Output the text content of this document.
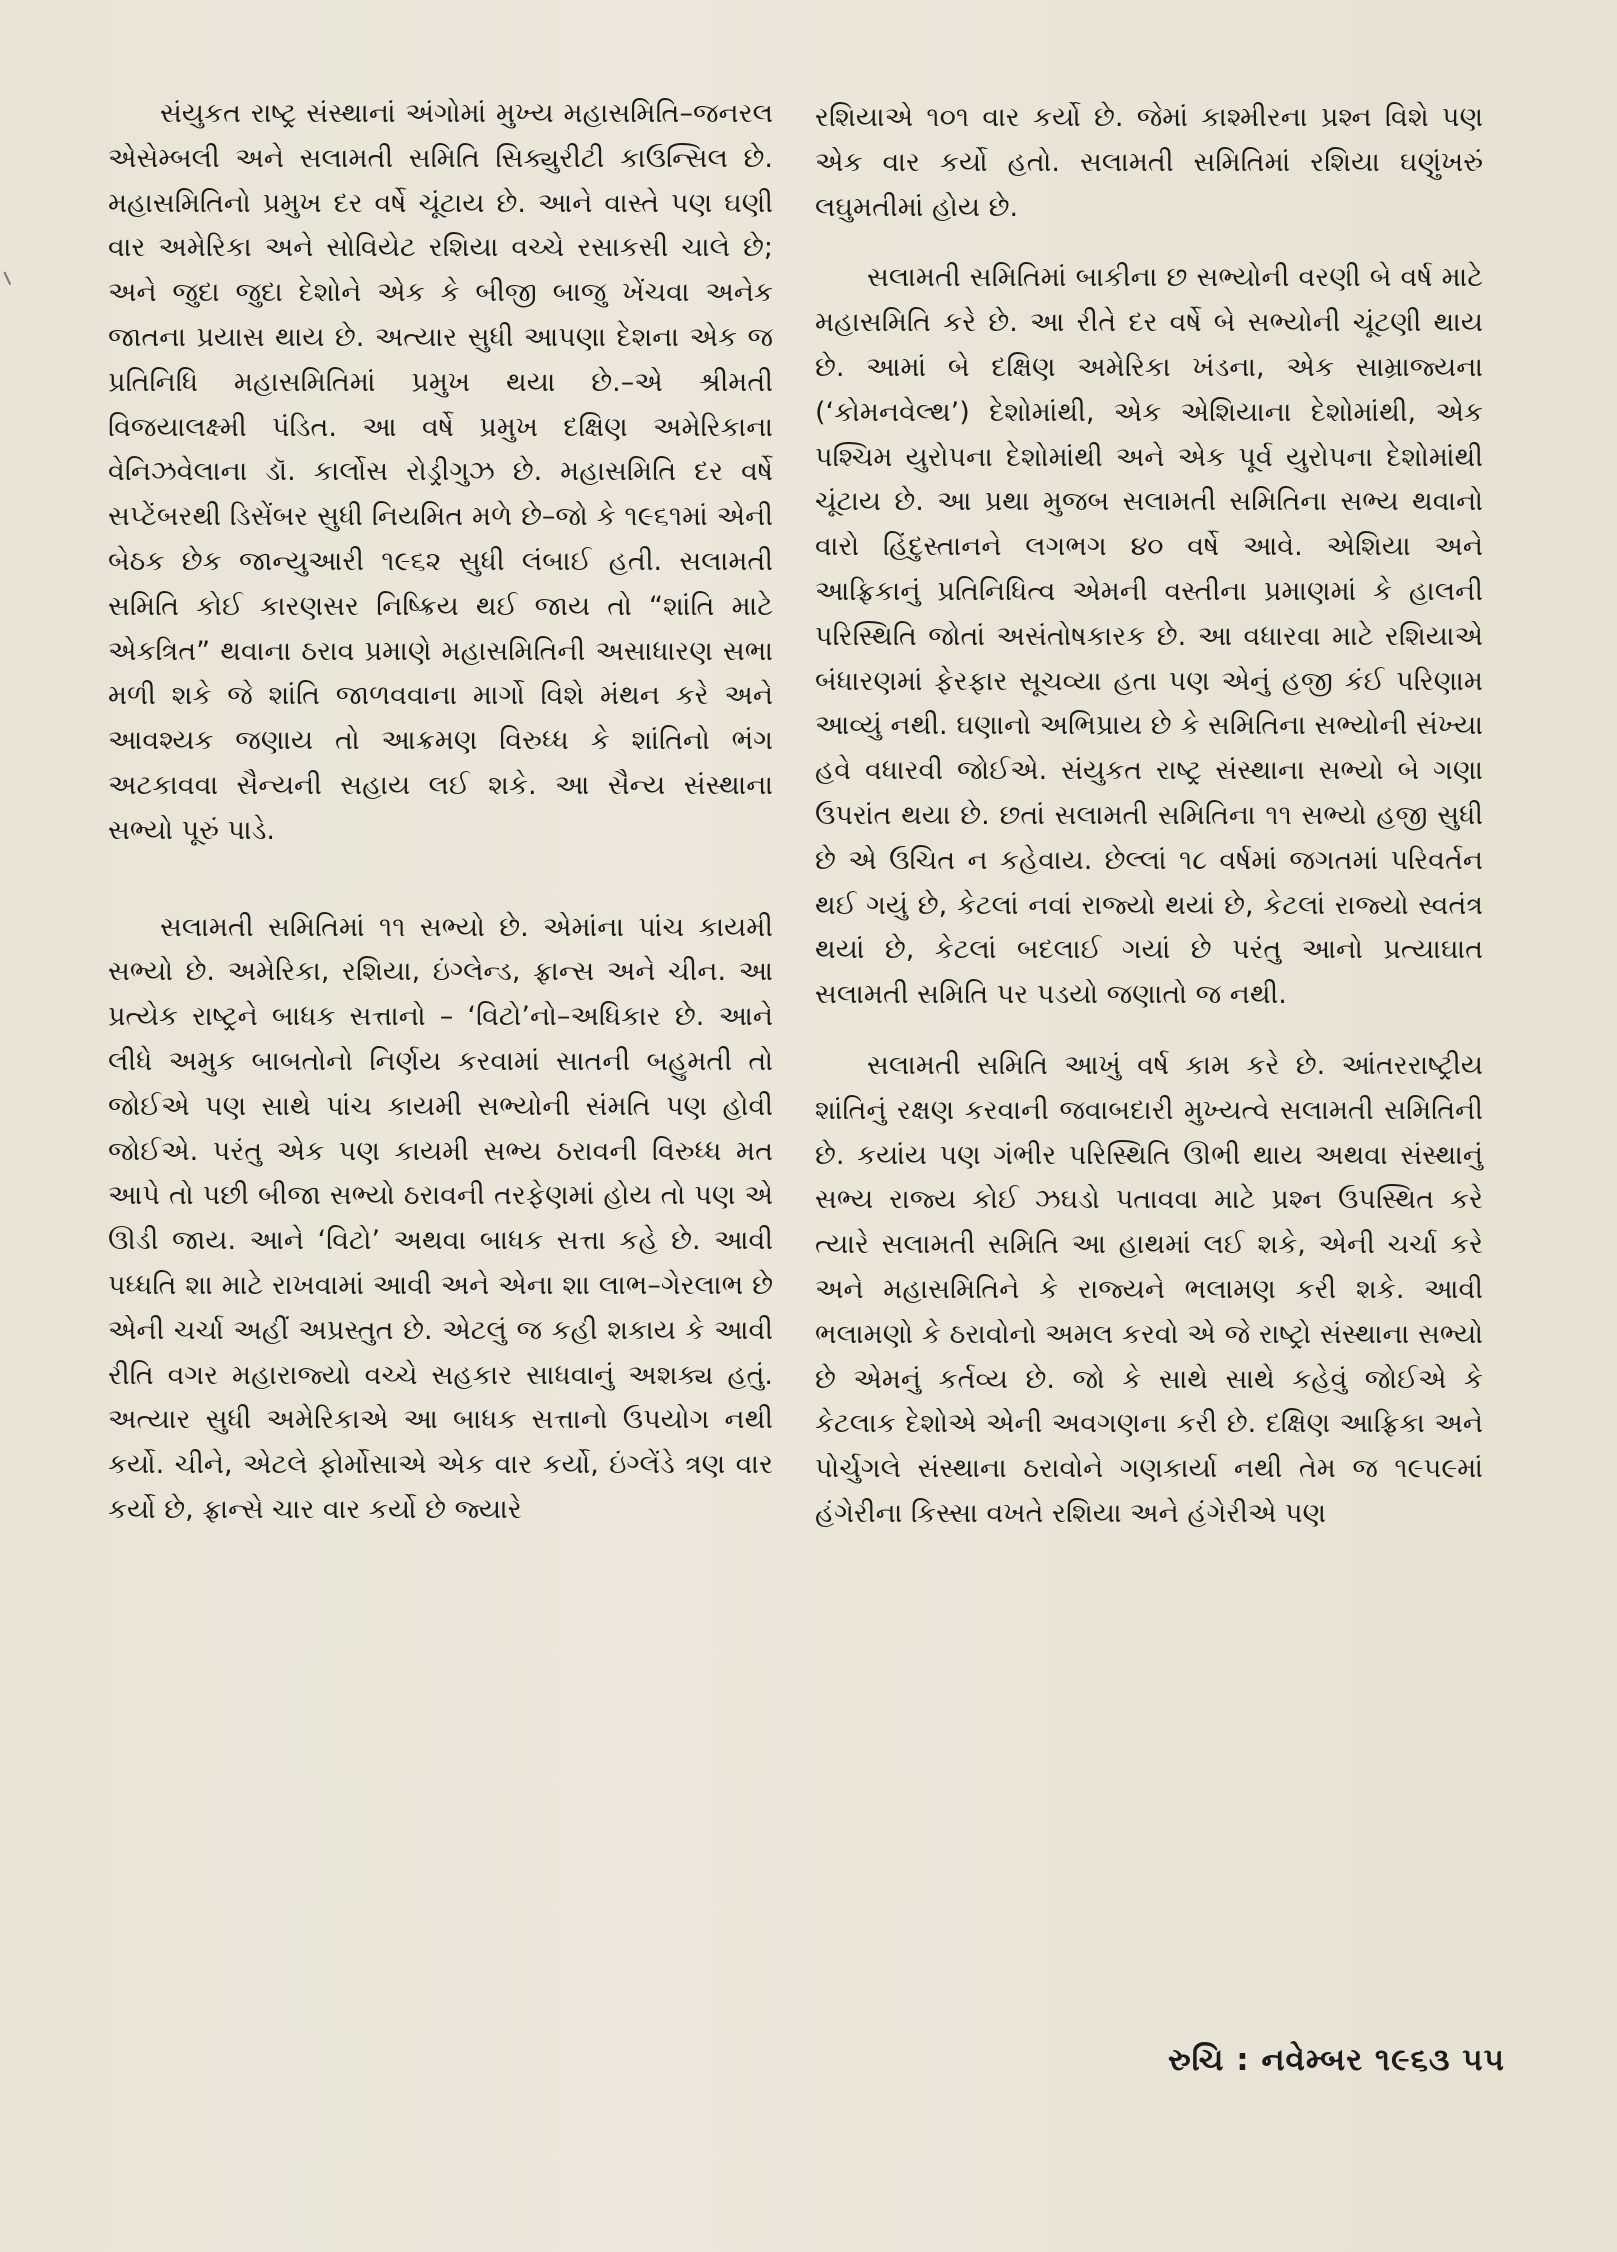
સંયુકત રાષ્ટ્ર સંસ્થાનાં અંગોમાં મુખ્ય મહાસમિતિ–જનરલ એસેમ્બલી અને સલામતી સમિતિ સિક્યુરીટી કાઉન્સિલ છે. મહાસમિતિનો પ્રમુખ દર વર્ષે ચૂંટાય છે. આને વાસ્તે પણ ઘણી વાર અમેરિકા અને સોવિયેટ રશિયા વચ્ચે રસાકસી ચાલે છે; અને જુદા જુદા દેશોને એક કે બીજી બાજુ ખેંચવા અનેક જાતના પ્રયાસ થાય છે. અત્યાર સુધી આપણા દેશના એક જ પ્રતિનિધિ મહાસમિતિમાં પ્રમુખ થયા છે.–એ શ્રીમતી વિજયાલક્ષ્મી પંડિત. આ વર્ષે પ્રમુખ દક્ષિણ અમેરિકાના વેનિઝવેલાના ડૉ. કાર્લોસ રોડ્રીગુઝ છે. મહાસમિતિ દર વર્ષે સપ્ટેંબરથી ડિસેંબર સુધી નિયમિત મળે છે–જો કે ૧૯૬૧માં એની બેઠક છેક જાન્યુઆરી ૧૯૬૨ સુધી લંબાઈ હતી. સલામતી સમિતિ કોઈ કારણસર નિષ્ક્રિય થઈ જાય તો “શાંતિ માટે એકત્રિત” થવાના ઠરાવ પ્રમાણે મહાસમિતિની અસાધારણ સભા મળી શકે જે શાંતિ જાળવવાના માર્ગો વિશે મંથન કરે અને આવશ્યક જણાય તો આક્રમણ વિરુધ્ધ કે શાંતિનો ભંગ અટકાવવા સૈન્યની સહાય લઈ શકે. આ સૈન્ય સંસ્થાના સભ્યો પૂરું પાડે.

સલામતી સમિતિમાં ૧૧ સભ્યો છે. એમાંના પાંચ કાયમી સભ્યો છે. અમેરિકા, રશિયા, ઇંગ્લેન્ડ, ફ્રાન્સ અને ચીન. આ પ્રત્યેક રાષ્ટ્રને બાધક સત્તાનો – ‘વિટો’નો–અધિકાર છે. આને લીધે અમુક બાબતોનો નિર્ણય કરવામાં સાતની બહુમતી તો જોઈએ પણ સાથે પાંચ કાયમી સભ્યોની સંમતિ પણ હોવી જોઈએ. પરંતુ એક પણ કાયમી સભ્ય ઠરાવની વિરુધ્ધ મત આપે તો પછી બીજા સભ્યો ઠરાવની તરફેણમાં હોય તો પણ એ ઊડી જાય. આને ‘વિટો’ અથવા બાધક સત્તા કહે છે. આવી પધ્ધતિ શા માટે રાખવામાં આવી અને એના શા લાભ–ગેરલાભ છે એની ચર્ચા અહીં અપ્રસ્તુત છે. એટલું જ કહી શકાય કે આવી રીતિ વગર મહારાજ્યો વચ્ચે સહકાર સાધવાનું અશક્ય હતું. અત્યાર સુધી અમેરિકાએ આ બાધક સત્તાનો ઉપયોગ નથી કર્યો. ચીને, એટલે ફોર્મોસાએ એક વાર કર્યો, ઇંગ્લેંડે ત્રણ વાર કર્યો છે, ફ્રાન્સે ચાર વાર કર્યો છે જ્યારે

રશિયાએ ૧૦૧ વાર કર્યો છે. જેમાં કાશ્મીરના પ્રશ્ન વિશે પણ એક વાર કર્યો હતો. સલામતી સમિતિમાં રશિયા ઘણુંખરું લઘુમતીમાં હોય છે.

સલામતી સમિતિમાં બાકીના છ સભ્યોની વરણી બે વર્ષ માટે મહાસમિતિ કરે છે. આ રીતે દર વર્ષે બે સભ્યોની ચૂંટણી થાય છે. આમાં બે દક્ષિણ અમેરિકા ખંડના, એક સામ્રાજ્યના (‘કોમનવેલ્થ’) દેશોમાંથી, એક એશિયાના દેશોમાંથી, એક પશ્ચિમ યુરોપના દેશોમાંથી અને એક પૂર્વ યુરોપના દેશોમાંથી ચૂંટાય છે. આ પ્રથા મુજબ સલામતી સમિતિના સભ્ય થવાનો વારો હિંદુસ્તાનને લગભગ ૪૦ વર્ષે આવે. એશિયા અને આફ્રિકાનું પ્રતિનિધિત્વ એમની વસ્તીના પ્રમાણમાં કે હાલની પરિસ્થિતિ જોતાં અસંતોષકારક છે. આ વધારવા માટે રશિયાએ બંધારણમાં ફેરફાર સૂચવ્યા હતા પણ એનું હજી કંઈ પરિણામ આવ્યું નથી. ઘણાનો અભિપ્રાય છે કે સમિતિના સભ્યોની સંખ્યા હવે વધારવી જોઈએ. સંયુકત રાષ્ટ્ર સંસ્થાના સભ્યો બે ગણા ઉપરાંત થયા છે. છતાં સલામતી સમિતિના ૧૧ સભ્યો હજી સુધી છે એ ઉચિત ન કહેવાય. છેલ્લાં ૧૮ વર્ષમાં જગતમાં પરિવર્તન થઈ ગયું છે, કેટલાં નવાં રાજ્યો થયાં છે, કેટલાં રાજ્યો સ્વતંત્ર થયાં છે, કેટલાં બદલાઈ ગયાં છે પરંતુ આનો પ્રત્યાઘાત સલામતી સમિતિ પર પડયો જણાતો જ નથી.

સલામતી સમિતિ આખું વર્ષ કામ કરે છે. આંતરરાષ્ટ્રીય શાંતિનું રક્ષણ કરવાની જવાબદારી મુખ્યત્વે સલામતી સમિતિની છે. કયાંય પણ ગંભીર પરિસ્થિતિ ઊભી થાય અથવા સંસ્થાનું સભ્ય રાજ્ય કોઈ ઝઘડો પતાવવા માટે પ્રશ્ન ઉપસ્થિત કરે ત્યારે સલામતી સમિતિ આ હાથમાં લઈ શકે, એની ચર્ચા કરે અને મહાસમિતિને કે રાજ્યને ભલામણ કરી શકે. આવી ભલામણો કે ઠરાવોનો અમલ કરવો એ જે રાષ્ટ્રો સંસ્થાના સભ્યો છે એમનું કર્તવ્ય છે. જો કે સાથે સાથે કહેવું જોઈએ કે કેટલાક દેશોએ એની અવગણના કરી છે. દક્ષિણ આફ્રિકા અને પોર્ચુગલે સંસ્થાના ઠરાવોને ગણકાર્યા નથી તેમ જ ૧૯૫૯માં હંગેરીના કિસ્સા વખતે રશિયા અને હંગેરીએ પણ

રુચિ : નવેમ્બર ૧૯૬૩ ૫૫
